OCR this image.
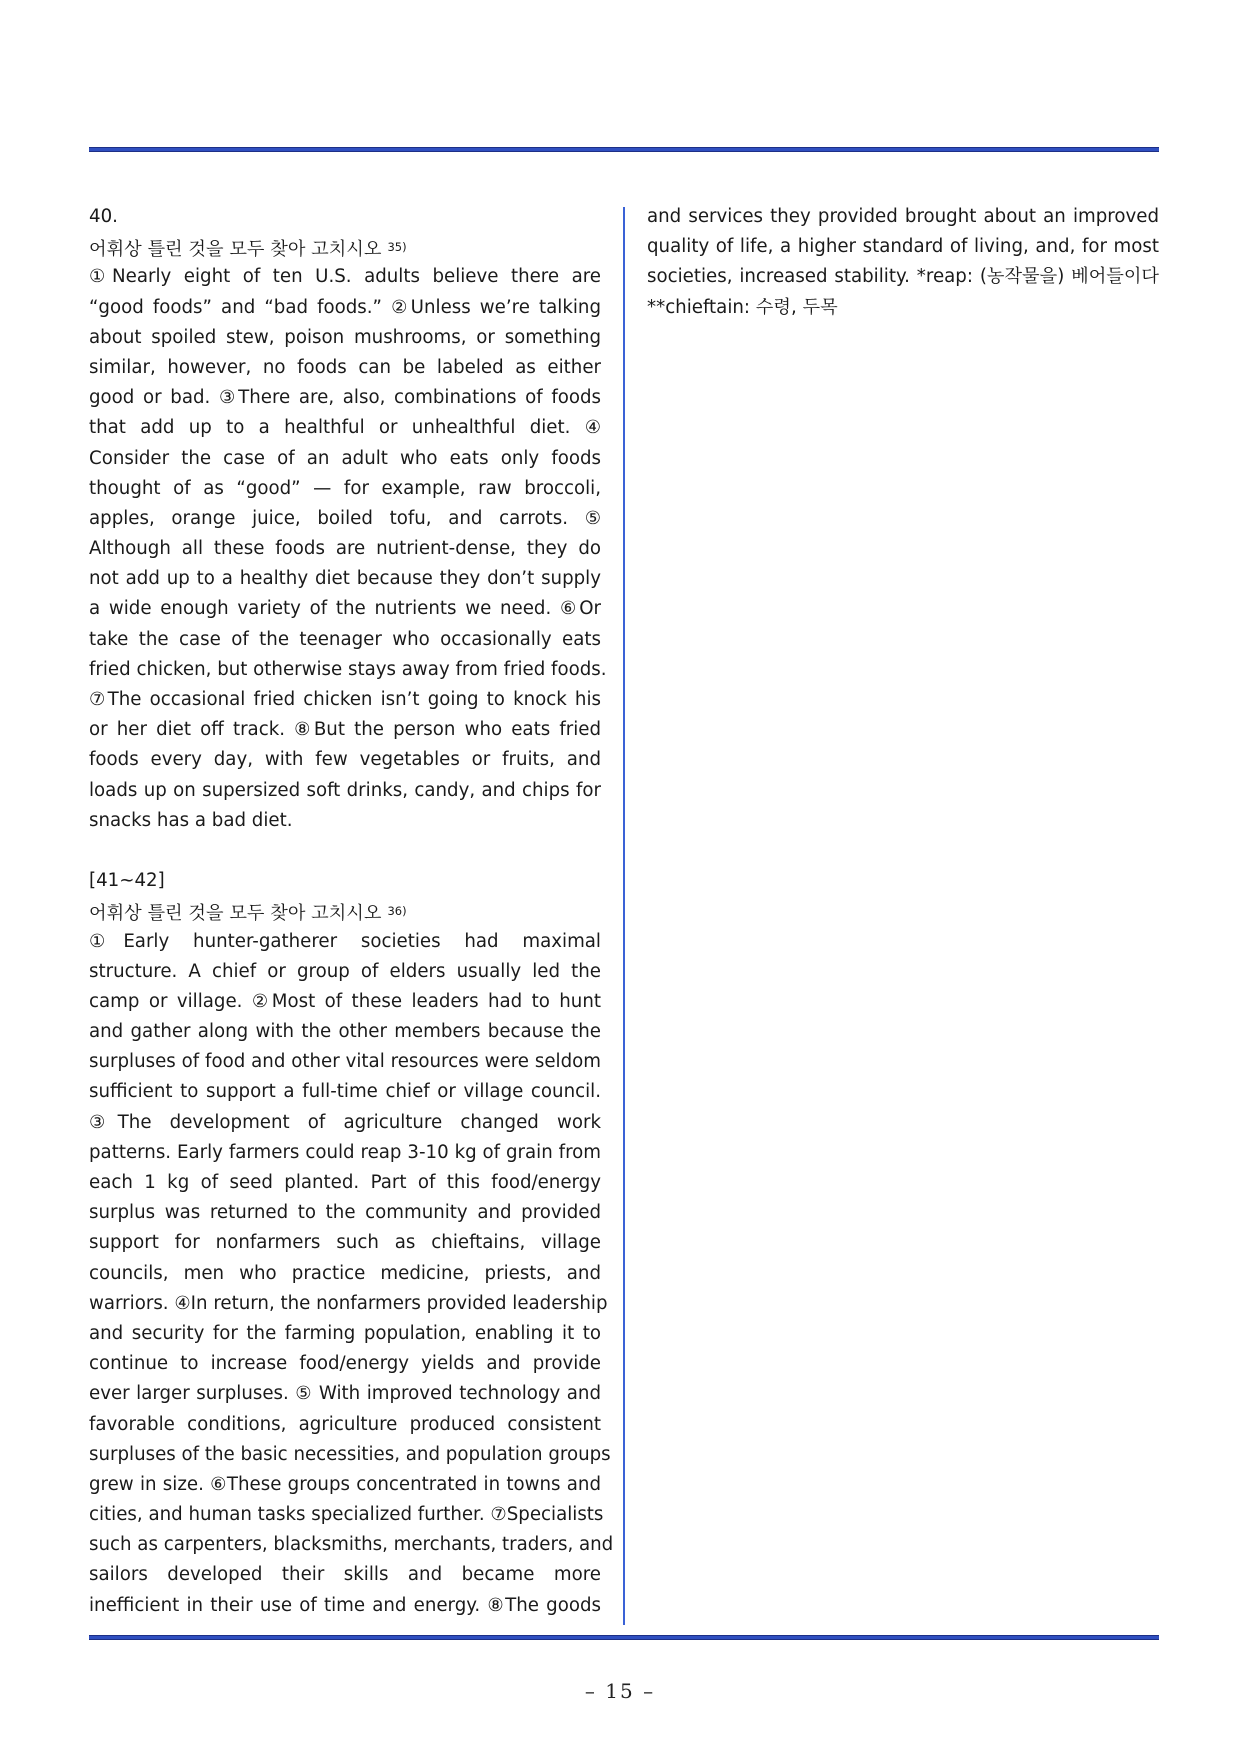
40.
어휘상 틀린 것을 모두 찾아 고치시오 $^{35)}$
①Nearly eight of ten U.S. adults believe there are
“good foods” and “bad foods.” ②Unless we’re talking
about spoiled stew, poison mushrooms, or something
similar, however, no foods can be labeled as either
good or bad. ③There are, also, combinations of foods
that add up to a healthful or unhealthful diet. ④
Consider the case of an adult who eats only foods
thought of as “good” — for example, raw broccoli,
apples, orange juice, boiled tofu, and carrots. ⑤
Although all these foods are nutrient-dense, they do
not add up to a healthy diet because they don’t supply
a wide enough variety of the nutrients we need. ⑥Or
take the case of the teenager who occasionally eats
fried chicken, but otherwise stays away from fried foods.
⑦The occasional fried chicken isn’t going to knock his
or her diet off track. ⑧But the person who eats fried
foods every day, with few vegetables or fruits, and
loads up on supersized soft drinks, candy, and chips for
snacks has a bad diet.
[41~42]
어휘상 틀린 것을 모두 찾아 고치시오 $^{36)}$
①Early hunter-gatherer societies had maximal
structure. A chief or group of elders usually led the
camp or village. ②Most of these leaders had to hunt
and gather along with the other members because the
surpluses of food and other vital resources were seldom
sufficient to support a full-time chief or village council.
③The development of agriculture changed work
patterns. Early farmers could reap 3-10 kg of grain from
each 1 kg of seed planted. Part of this food/energy
surplus was returned to the community and provided
support for nonfarmers such as chieftains, village
councils, men who practice medicine, priests, and
warriors. ④In return, the nonfarmers provided leadership
and security for the farming population, enabling it to
continue to increase food/energy yields and provide
ever larger surpluses. ⑤ With improved technology and
favorable conditions, agriculture produced consistent
surpluses of the basic necessities, and population groups
grew in size. ⑥These groups concentrated in towns and
cities, and human tasks specialized further. ⑦Specialists
such as carpenters, blacksmiths, merchants, traders, and
sailors developed their skills and became more
inefficient in their use of time and energy. ⑧The goods
and services they provided brought about an improved
quality of life, a higher standard of living, and, for most
societies, increased stability. *reap: (농작물을) 베어들이다
**chieftain: 수령, 두목
– 15 –
